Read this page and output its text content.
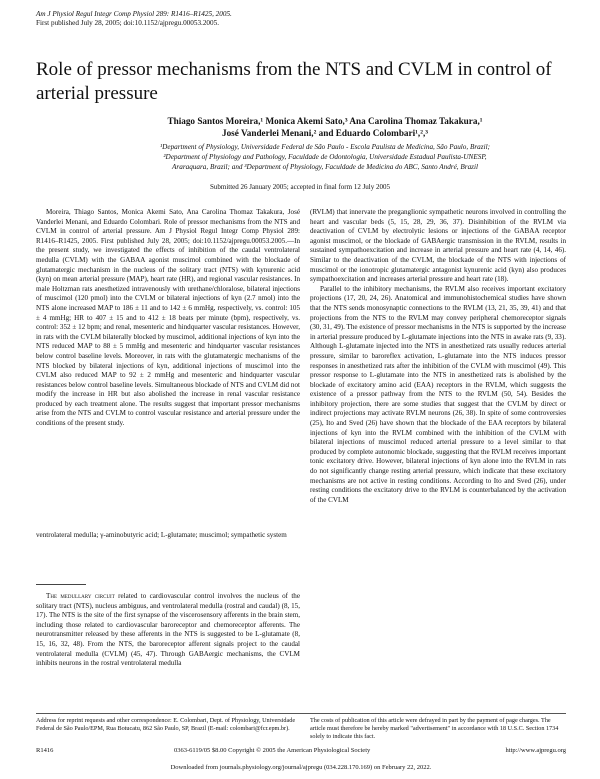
Am J Physiol Regul Integr Comp Physiol 289: R1416–R1425, 2005.
First published July 28, 2005; doi:10.1152/ajpregu.00053.2005.
Role of pressor mechanisms from the NTS and CVLM in control of arterial pressure
Thiago Santos Moreira,¹ Monica Akemi Sato,³ Ana Carolina Thomaz Takakura,¹
José Vanderlei Menani,² and Eduardo Colombari¹,²,³
¹Department of Physiology, Universidade Federal de São Paulo - Escola Paulista de Medicina, São Paulo, Brazil;
²Department of Physiology and Pathology, Faculdade de Odontologia, Universidade Estadual Paulista-UNESP,
Araraquara, Brazil; and ³Department of Physiology, Faculdade de Medicina do ABC, Santo André, Brazil
Submitted 26 January 2005; accepted in final form 12 July 2005

Moreira, Thiago Santos, Monica Akemi Sato, Ana Carolina Thomaz Takakura, José Vanderlei Menani, and Eduardo Colombari. Role of pressor mechanisms from the NTS and CVLM in control of arterial pressure. Am J Physiol Regul Integr Comp Physiol 289: R1416–R1425, 2005. First published July 28, 2005; doi:10.1152/ajpregu.00053.2005.—In the present study, we investigated the effects of inhibition of the caudal ventrolateral medulla (CVLM) with the GABAA agonist muscimol combined with the blockade of glutamatergic mechanism in the nucleus of the solitary tract (NTS) with kynurenic acid (kyn) on mean arterial pressure (MAP), heart rate (HR), and regional vascular resistances. In male Holtzman rats anesthetized intravenously with urethane/chloralose, bilateral injections of muscimol (120 pmol) into the CVLM or bilateral injections of kyn (2.7 nmol) into the NTS alone increased MAP to 186 ± 11 and to 142 ± 6 mmHg, respectively, vs. control: 105 ± 4 mmHg; HR to 407 ± 15 and to 412 ± 18 beats per minute (bpm), respectively, vs. control: 352 ± 12 bpm; and renal, mesenteric and hindquarter vascular resistances. However, in rats with the CVLM bilaterally blocked by muscimol, additional injections of kyn into the NTS reduced MAP to 88 ± 5 mmHg and mesenteric and hindquarter vascular resistances below control baseline levels. Moreover, in rats with the glutamatergic mechanisms of the NTS blocked by bilateral injections of kyn, additional injections of muscimol into the CVLM also reduced MAP to 92 ± 2 mmHg and mesenteric and hindquarter vascular resistances below control baseline levels. Simultaneous blockade of NTS and CVLM did not modify the increase in HR but also abolished the increase in renal vascular resistance produced by each treatment alone. The results suggest that important pressor mechanisms arise from the NTS and CVLM to control vascular resistance and arterial pressure under the conditions of the present study.

ventrolateral medulla; γ-aminobutyric acid; L-glutamate; muscimol; sympathetic system

The medullary circuit related to cardiovascular control involves the nucleus of the solitary tract (NTS), nucleus ambiguus, and ventrolateral medulla (rostral and caudal) (8, 15, 17). The NTS is the site of the first synapse of the viscerosensory afferents in the brain stem, including those related to cardiovascular baroreceptor and chemoreceptor afferents. The neurotransmitter released by these afferents in the NTS is suggested to be L-glutamate (8, 15, 16, 32, 48). From the NTS, the baroreceptor afferent signals project to the caudal ventrolateral medulla (CVLM) (45, 47). Through GABAergic mechanisms, the CVLM inhibits neurons in the rostral ventrolateral medulla

(RVLM) that innervate the preganglionic sympathetic neurons involved in controlling the heart and vascular beds (5, 15, 28, 29, 36, 37). Disinhibition of the RVLM via deactivation of CVLM by electrolytic lesions or injections of the GABAA receptor agonist muscimol, or the blockade of GABAergic transmission in the RVLM, results in sustained sympathoexcitation and increase in arterial pressure and heart rate (4, 14, 46). Similar to the deactivation of the CVLM, the blockade of the NTS with injections of muscimol or the ionotropic glutamatergic antagonist kynurenic acid (kyn) also produces sympathoexcitation and increases arterial pressure and heart rate (18).

Parallel to the inhibitory mechanisms, the RVLM also receives important excitatory projections (17, 20, 24, 26). Anatomical and immunohistochemical studies have shown that the NTS sends monosynaptic connections to the RVLM (13, 21, 35, 39, 41) and that projections from the NTS to the RVLM may convey peripheral chemoreceptor signals (30, 31, 49). The existence of pressor mechanisms in the NTS is supported by the increase in arterial pressure produced by L-glutamate injections into the NTS in awake rats (9, 33). Although L-glutamate injected into the NTS in anesthetized rats usually reduces arterial pressure, similar to baroreflex activation, L-glutamate into the NTS induces pressor responses in anesthetized rats after the inhibition of the CVLM with muscimol (49). This pressor response to L-glutamate into the NTS in anesthetized rats is abolished by the blockade of excitatory amino acid (EAA) receptors in the RVLM, which suggests the existence of a pressor pathway from the NTS to the RVLM (50, 54). Besides the inhibitory projection, there are some studies that suggest that the CVLM by direct or indirect projections may activate RVLM neurons (26, 38). In spite of some controversies (25), Ito and Sved (26) have shown that the blockade of the EAA receptors by bilateral injections of kyn into the RVLM combined with the inhibition of the CVLM with bilateral injections of muscimol reduced arterial pressure to a level similar to that produced by complete autonomic blockade, suggesting that the RVLM receives important tonic excitatory drive. However, bilateral injections of kyn alone into the RVLM in rats do not significantly change resting arterial pressure, which indicate that these excitatory mechanisms are not active in resting conditions. According to Ito and Sved (26), under resting conditions the excitatory drive to the RVLM is counterbalanced by the activation of the CVLM

Address for reprint requests and other correspondence: E. Colombari, Dept. of Physiology, Universidade Federal de São Paulo/EPM, Rua Botucatu, 862 São Paulo, SP, Brazil (E-mail: colombari@fcr.epm.br).
The costs of publication of this article were defrayed in part by the payment of page charges. The article must therefore be hereby marked "advertisement" in accordance with 18 U.S.C. Section 1734 solely to indicate this fact.
R1416	0363-6119/05 $8.00 Copyright © 2005 the American Physiological Society	http://www.ajpregu.org
Downloaded from journals.physiology.org/journal/ajpregu (034.228.170.169) on February 22, 2022.
